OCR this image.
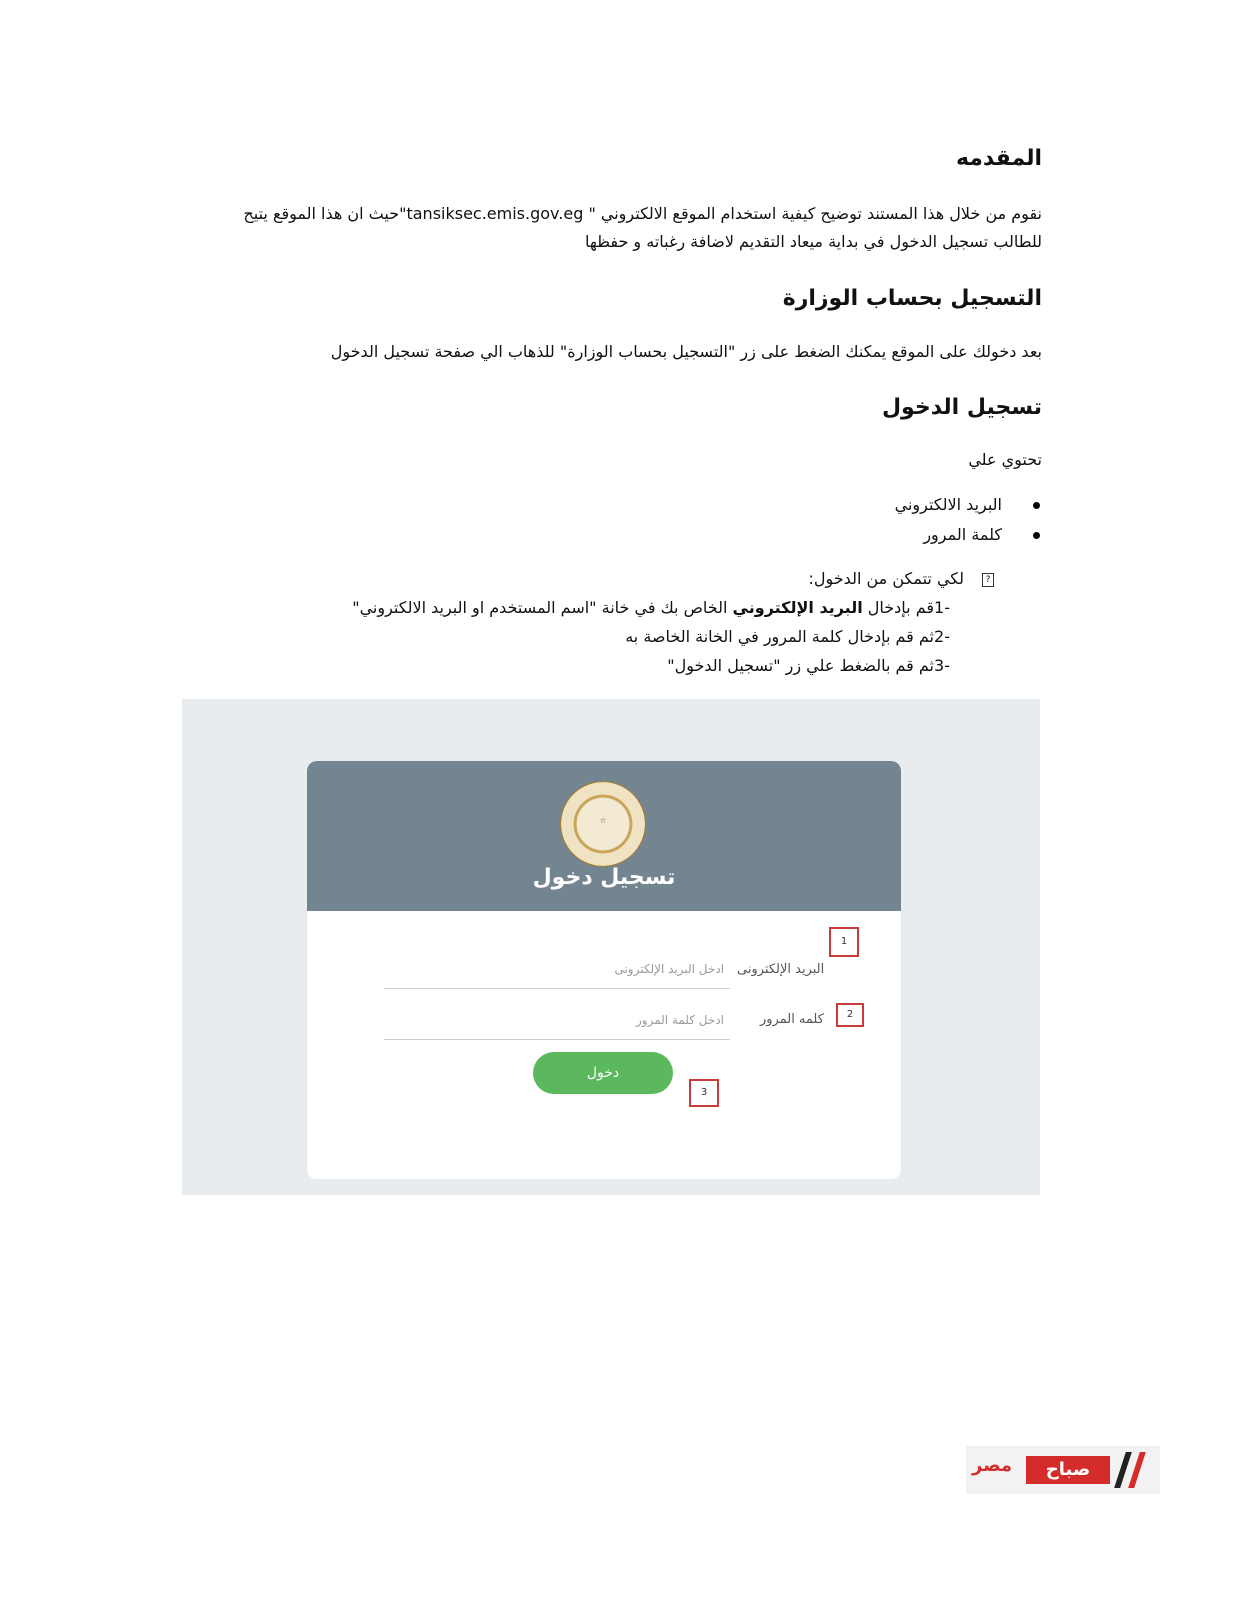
المقدمه
نقوم من خلال هذا المستند توضيح كيفية استخدام الموقع الالكتروني " tansiksec.emis.gov.eg"حيث ان هذا الموقع يتيح
للطالب تسجيل الدخول في بداية ميعاد التقديم لاضافة رغباته و حفظها
التسجيل بحساب الوزارة
بعد دخولك على الموقع يمكنك الضغط على زر "التسجيل بحساب الوزارة" للذهاب الي صفحة تسجيل الدخول
تسجيل الدخول
تحتوي علي
البريد الالكتروني
كلمة المرور
?لكي تتمكن من الدخول:
-1قم بإدخال البريد الإلكتروني الخاص بك في خانة "اسم المستخدم او البريد الالكتروني"
-2ثم قم بإدخال كلمة المرور في الخانة الخاصة به
-3ثم قم بالضغط علي زر "تسجيل الدخول"
☆
تسجيل دخول
1
البريد الإلكترونى
ادخل البريد الإلكترونى
2
كلمه المرور
ادخل كلمة المرور
دخول
3
مصر	صباح
